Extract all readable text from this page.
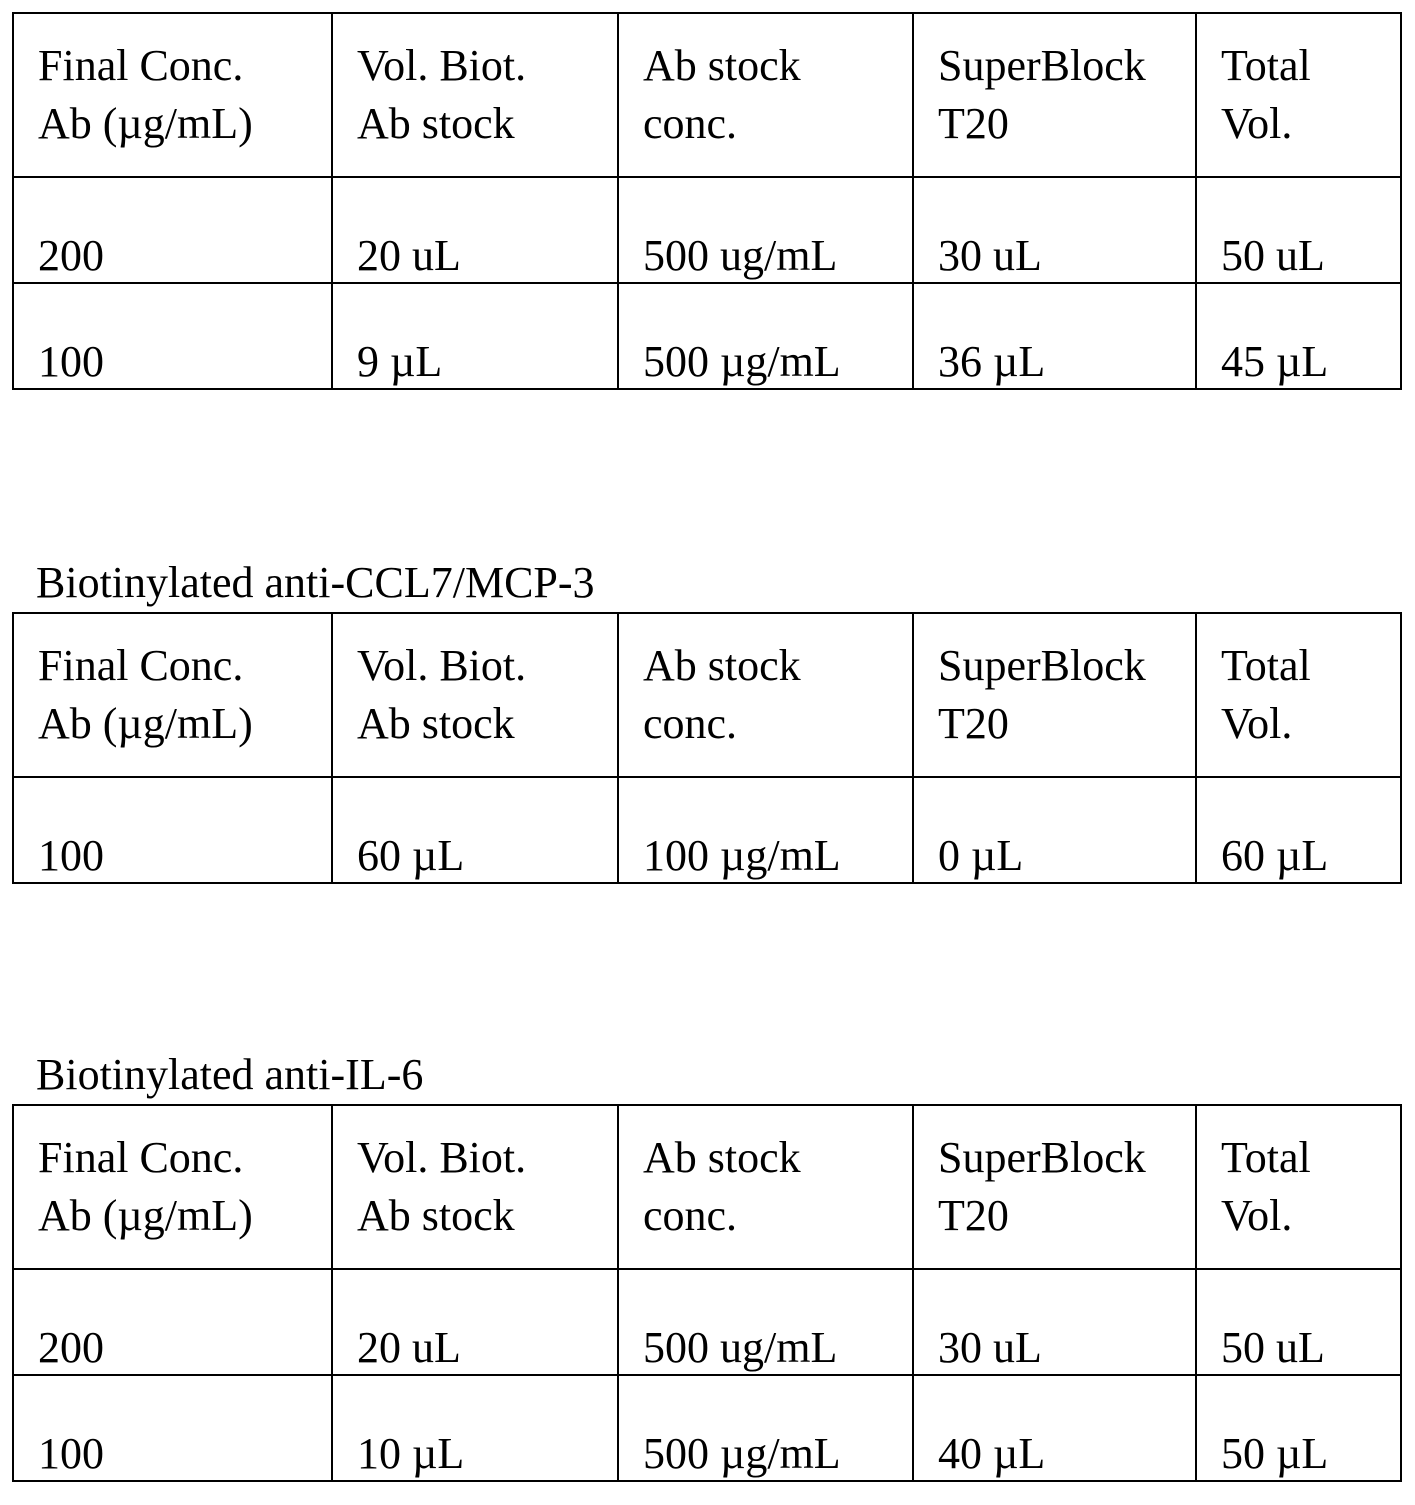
Biotinylated anti-CCL7/MCP-3
Biotinylated anti-IL-6
Final Conc.
Ab (µg/mL)	Vol. Biot.
Ab stock	Ab stock
conc.	SuperBlock
T20	Total
Vol.
200	20 uL	500 ug/mL	30 uL	50 uL
100	9 µL	500 µg/mL	36 µL	45 µL
Final Conc.
Ab (µg/mL)	Vol. Biot.
Ab stock	Ab stock
conc.	SuperBlock
T20	Total
Vol.
100	60 µL	100 µg/mL	0 µL	60 µL
Final Conc.
Ab (µg/mL)	Vol. Biot.
Ab stock	Ab stock
conc.	SuperBlock
T20	Total
Vol.
200	20 uL	500 ug/mL	30 uL	50 uL
100	10 µL	500 µg/mL	40 µL	50 µL
